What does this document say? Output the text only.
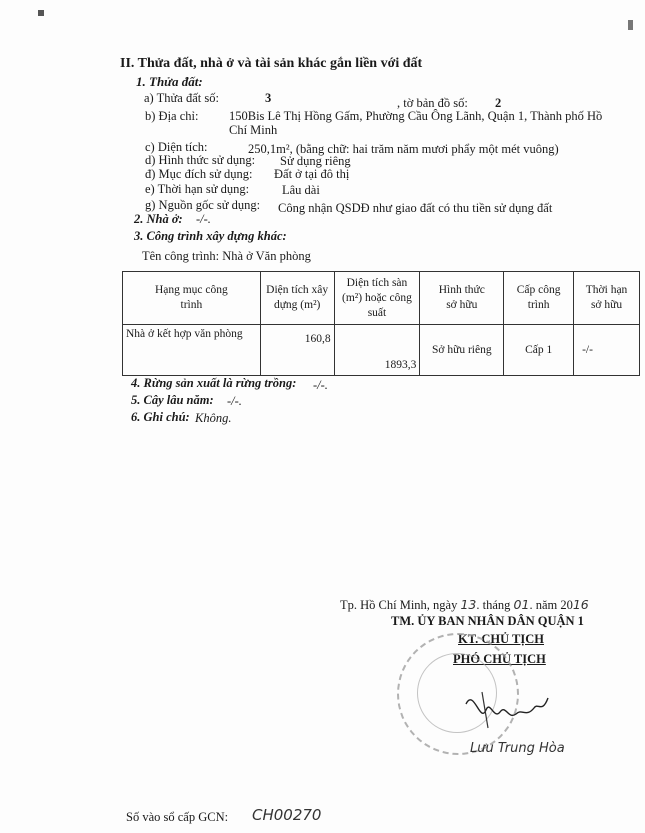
II. Thửa đất, nhà ở và tài sản khác gắn liền với đất
1. Thửa đất:
a) Thửa đất số:	3	, tờ bản đồ số: 2
b) Địa chỉ: 150Bis Lê Thị Hồng Gấm, Phường Cầu Ông Lãnh, Quận 1, Thành phố Hồ
Chí Minh
c) Diện tích:	250,1m², (bằng chữ: hai trăm năm mươi phẩy một mét vuông)
d) Hình thức sử dụng: Sử dụng riêng
đ) Mục đích sử dụng: Đất ở tại đô thị
e) Thời hạn sử dụng:	Lâu dài
g) Nguồn gốc sử dụng: Công nhận QSDĐ như giao đất có thu tiền sử dụng đất
2. Nhà ở: -/-.
3. Công trình xây dựng khác:
Tên công trình: Nhà ở Văn phòng
Hạng mục công trình	Diện tích xây dựng (m²)	Diện tích sàn (m²) hoặc công suất	Hình thức sở hữu	Cấp công trình	Thời hạn sở hữu
Nhà ở kết hợp văn phòng	160,8	1893,3	Sở hữu riêng	Cấp 1	-/-
4. Rừng sản xuất là rừng trồng: -/-.
5. Cây lâu năm: -/-.
6. Ghi chú: Không.
Tp. Hồ Chí Minh, ngày 13. tháng 01. năm 2016
TM. ỦY BAN NHÂN DÂN QUẬN 1
KT. CHỦ TỊCH
PHÓ CHỦ TỊCH
Lưu Trung Hòa
Số vào sổ cấp GCN: CH00270
